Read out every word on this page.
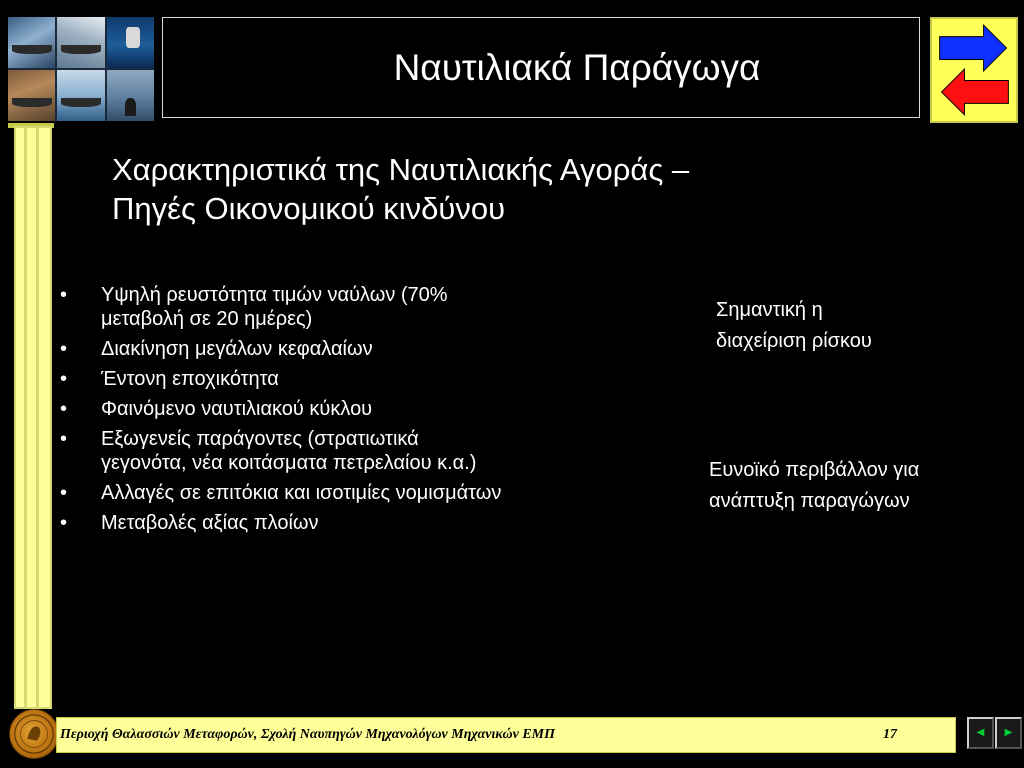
Ναυτιλιακά Παράγωγα
Χαρακτηριστικά της Ναυτιλιακής Αγοράς –
Πηγές Οικονομικού κινδύνου
• Υψηλή ρευστότητα τιμών ναύλων (70% μεταβολή σε 20 ημέρες)
• Διακίνηση μεγάλων κεφαλαίων
• Έντονη εποχικότητα
• Φαινόμενο ναυτιλιακού κύκλου
• Εξωγενείς παράγοντες (στρατιωτικά γεγονότα, νέα κοιτάσματα πετρελαίου κ.α.)
• Αλλαγές σε επιτόκια και ισοτιμίες νομισμάτων
• Μεταβολές αξίας πλοίων
Σημαντική η
διαχείριση ρίσκου
Ευνοϊκό περιβάλλον για
ανάπτυξη παραγώγων
Περιοχή Θαλασσιών Μεταφορών, Σχολή Ναυπηγών Μηχανολόγων Μηχανικών ΕΜΠ	17	◀ ▶
